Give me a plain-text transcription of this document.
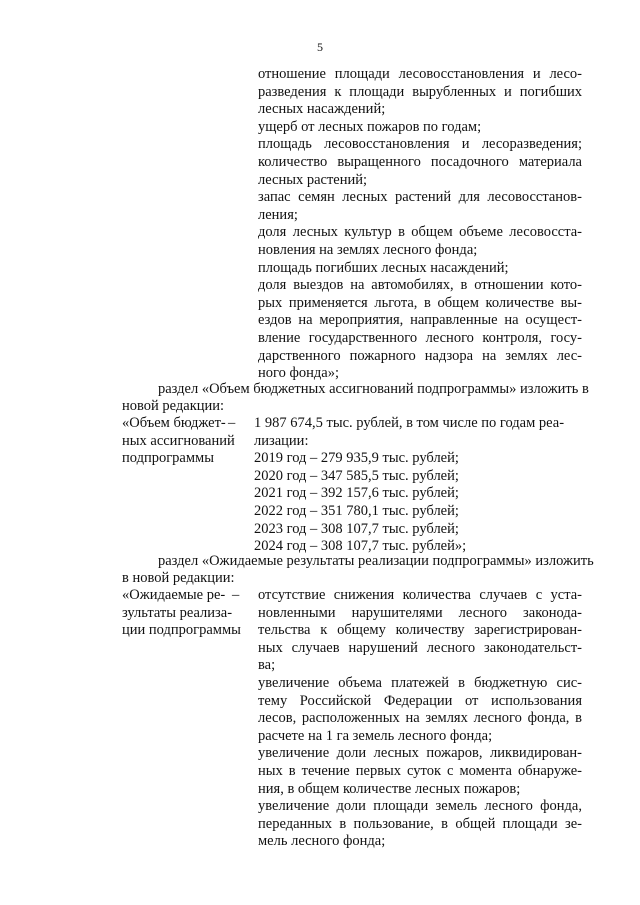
5
отношение площади лесовосстановления и лесо-
разведения к площади вырубленных и погибших
лесных насаждений;
ущерб от лесных пожаров по годам;
площадь лесовосстановления и лесоразведения;
количество выращенного посадочного материала
лесных растений;
запас семян лесных растений для лесовосстанов-
ления;
доля лесных культур в общем объеме лесовосста-
новления на землях лесного фонда;
площадь погибших лесных насаждений;
доля выездов на автомобилях, в отношении кото-
рых применяется льгота, в общем количестве вы-
ездов на мероприятия, направленные на осущест-
вление государственного лесного контроля, госу-
дарственного пожарного надзора на землях лес-
ного фонда»;
раздел «Объем бюджетных ассигнований подпрограммы» изложить в
новой редакции:
«Объем бюджет-
ных ассигнований
подпрограммы
– 1 987 674,5 тыс. рублей, в том числе по годам реа-
лизации:
2019 год – 279 935,9 тыс. рублей;
2020 год – 347 585,5 тыс. рублей;
2021 год – 392 157,6 тыс. рублей;
2022 год – 351 780,1 тыс. рублей;
2023 год – 308 107,7 тыс. рублей;
2024 год – 308 107,7 тыс. рублей»;
раздел «Ожидаемые результаты реализации подпрограммы» изложить
в новой редакции:
«Ожидаемые ре-
зультаты реализа-
ции подпрограммы
– отсутствие снижения количества случаев с уста-
новленными нарушителями лесного законода-
тельства к общему количеству зарегистрирован-
ных случаев нарушений лесного законодательст-
ва;
увеличение объема платежей в бюджетную сис-
тему Российской Федерации от использования
лесов, расположенных на землях лесного фонда, в
расчете на 1 га земель лесного фонда;
увеличение доли лесных пожаров, ликвидирован-
ных в течение первых суток с момента обнаруже-
ния, в общем количестве лесных пожаров;
увеличение доли площади земель лесного фонда,
переданных в пользование, в общей площади зе-
мель лесного фонда;
